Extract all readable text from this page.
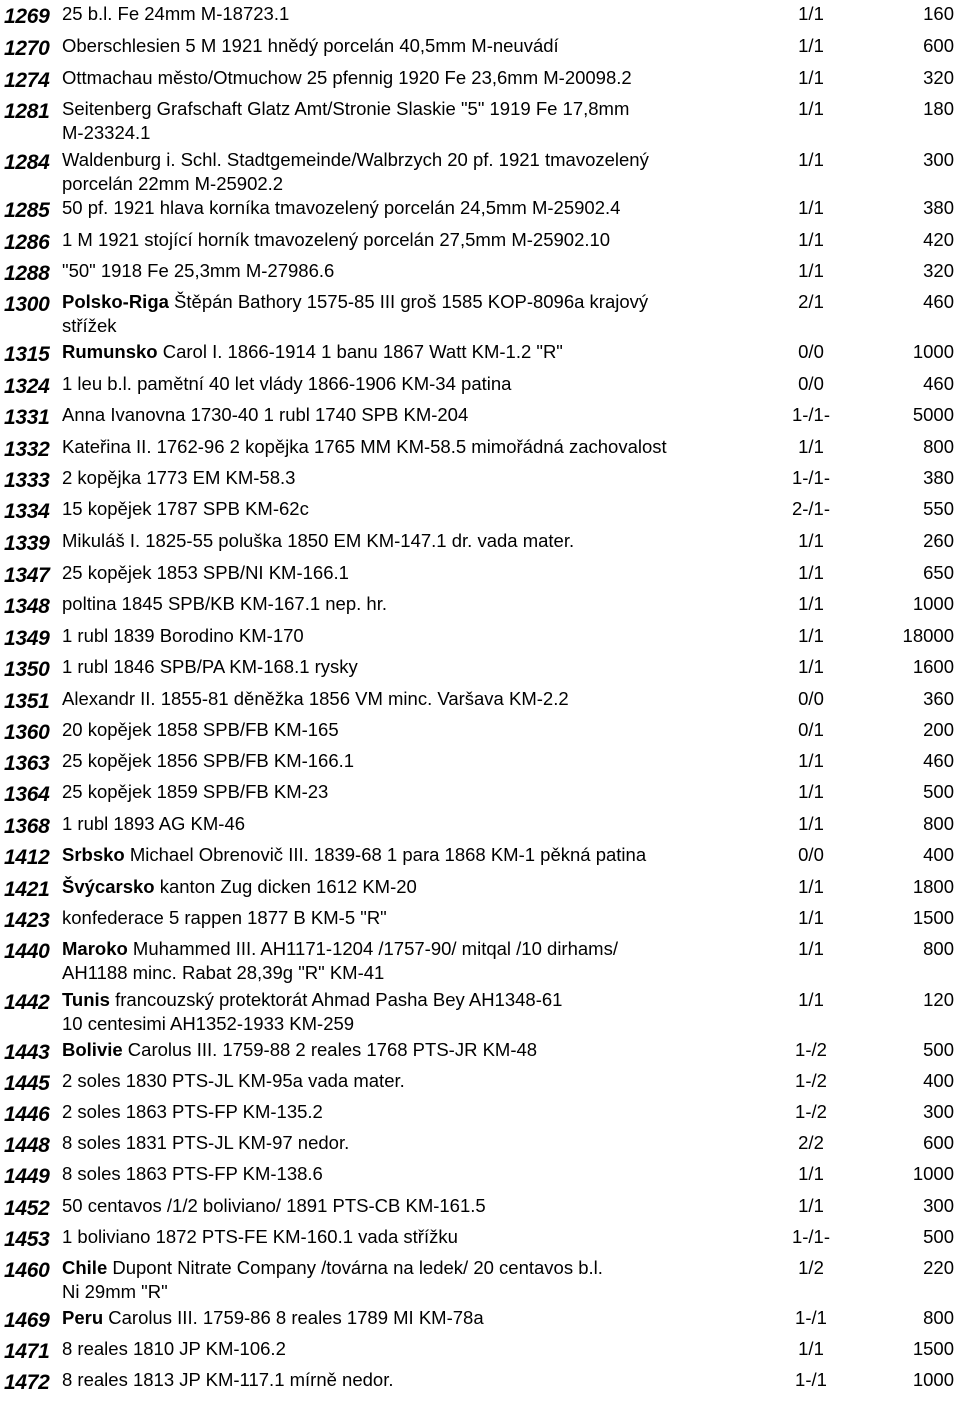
1269 25 b.l. Fe 24mm M-18723.1	1/1	160
1270 Oberschlesien 5 M 1921 hnědý porcelán 40,5mm M-neuvádí	1/1	600
1274 Ottmachau město/Otmuchow 25 pfennig 1920 Fe 23,6mm M-20098.2	1/1	320
1281 Seitenberg Grafschaft Glatz Amt/Stronie Slaskie "5" 1919 Fe 17,8mm
M-23324.1
1/1	180
1284 Waldenburg i. Schl. Stadtgemeinde/Walbrzych 20 pf. 1921 tmavozelený
porcelán 22mm M-25902.2
1/1	300
1285 50 pf. 1921 hlava korníka tmavozelený porcelán 24,5mm M-25902.4	1/1	380
1286 1 M 1921 stojící horník tmavozelený porcelán 27,5mm M-25902.10	1/1	420
1288 "50" 1918 Fe 25,3mm M-27986.6	1/1	320
1300 Polsko-Riga Štěpán Bathory 1575-85 III groš 1585 KOP-8096a krajový
střížek
2/1	460
1315 Rumunsko Carol I. 1866-1914 1 banu 1867 Watt KM-1.2 "R"	0/0	1000
1324 1 leu b.l. pamětní 40 let vlády 1866-1906 KM-34 patina	0/0	460
1331 Anna Ivanovna 1730-40 1 rubl 1740 SPB KM-204	1-/1-	5000
1332 Kateřina II. 1762-96 2 kopějka 1765 MM KM-58.5 mimořádná zachovalost	1/1	800
1333 2 kopějka 1773 EM KM-58.3	1-/1-	380
1334 15 kopějek 1787 SPB KM-62c	2-/1-	550
1339 Mikuláš I. 1825-55 poluška 1850 EM KM-147.1 dr. vada mater.	1/1	260
1347 25 kopějek 1853 SPB/NI KM-166.1	1/1	650
1348 poltina 1845 SPB/KB KM-167.1 nep. hr.	1/1	1000
1349 1 rubl 1839 Borodino KM-170	1/1	18000
1350 1 rubl 1846 SPB/PA KM-168.1 rysky	1/1	1600
1351 Alexandr II. 1855-81 děněžka 1856 VM minc. Varšava KM-2.2	0/0	360
1360 20 kopějek 1858 SPB/FB KM-165	0/1	200
1363 25 kopějek 1856 SPB/FB KM-166.1	1/1	460
1364 25 kopějek 1859 SPB/FB KM-23	1/1	500
1368 1 rubl 1893 AG KM-46	1/1	800
1412 Srbsko Michael Obrenovič III. 1839-68 1 para 1868 KM-1 pěkná patina	0/0	400
1421 Švýcarsko kanton Zug dicken 1612 KM-20	1/1	1800
1423 konfederace 5 rappen 1877 B KM-5 "R"	1/1	1500
1440 Maroko Muhammed III. AH1171-1204 /1757-90/ mitqal /10 dirhams/
AH1188 minc. Rabat 28,39g "R" KM-41
1/1	800
1442 Tunis francouzský protektorát Ahmad Pasha Bey AH1348-61
10 centesimi AH1352-1933 KM-259
1/1	120
1443 Bolivie Carolus III. 1759-88 2 reales 1768 PTS-JR KM-48	1-/2	500
1445 2 soles 1830 PTS-JL KM-95a vada mater.	1-/2	400
1446 2 soles 1863 PTS-FP KM-135.2	1-/2	300
1448 8 soles 1831 PTS-JL KM-97 nedor.	2/2	600
1449 8 soles 1863 PTS-FP KM-138.6	1/1	1000
1452 50 centavos /1/2 boliviano/ 1891 PTS-CB KM-161.5	1/1	300
1453 1 boliviano 1872 PTS-FE KM-160.1 vada střížku	1-/1-	500
1460 Chile Dupont Nitrate Company /továrna na ledek/ 20 centavos b.l.
Ni 29mm "R"
1/2	220
1469 Peru Carolus III. 1759-86 8 reales 1789 MI KM-78a	1-/1	800
1471 8 reales 1810 JP KM-106.2	1/1	1500
1472 8 reales 1813 JP KM-117.1 mírně nedor.	1-/1	1000
